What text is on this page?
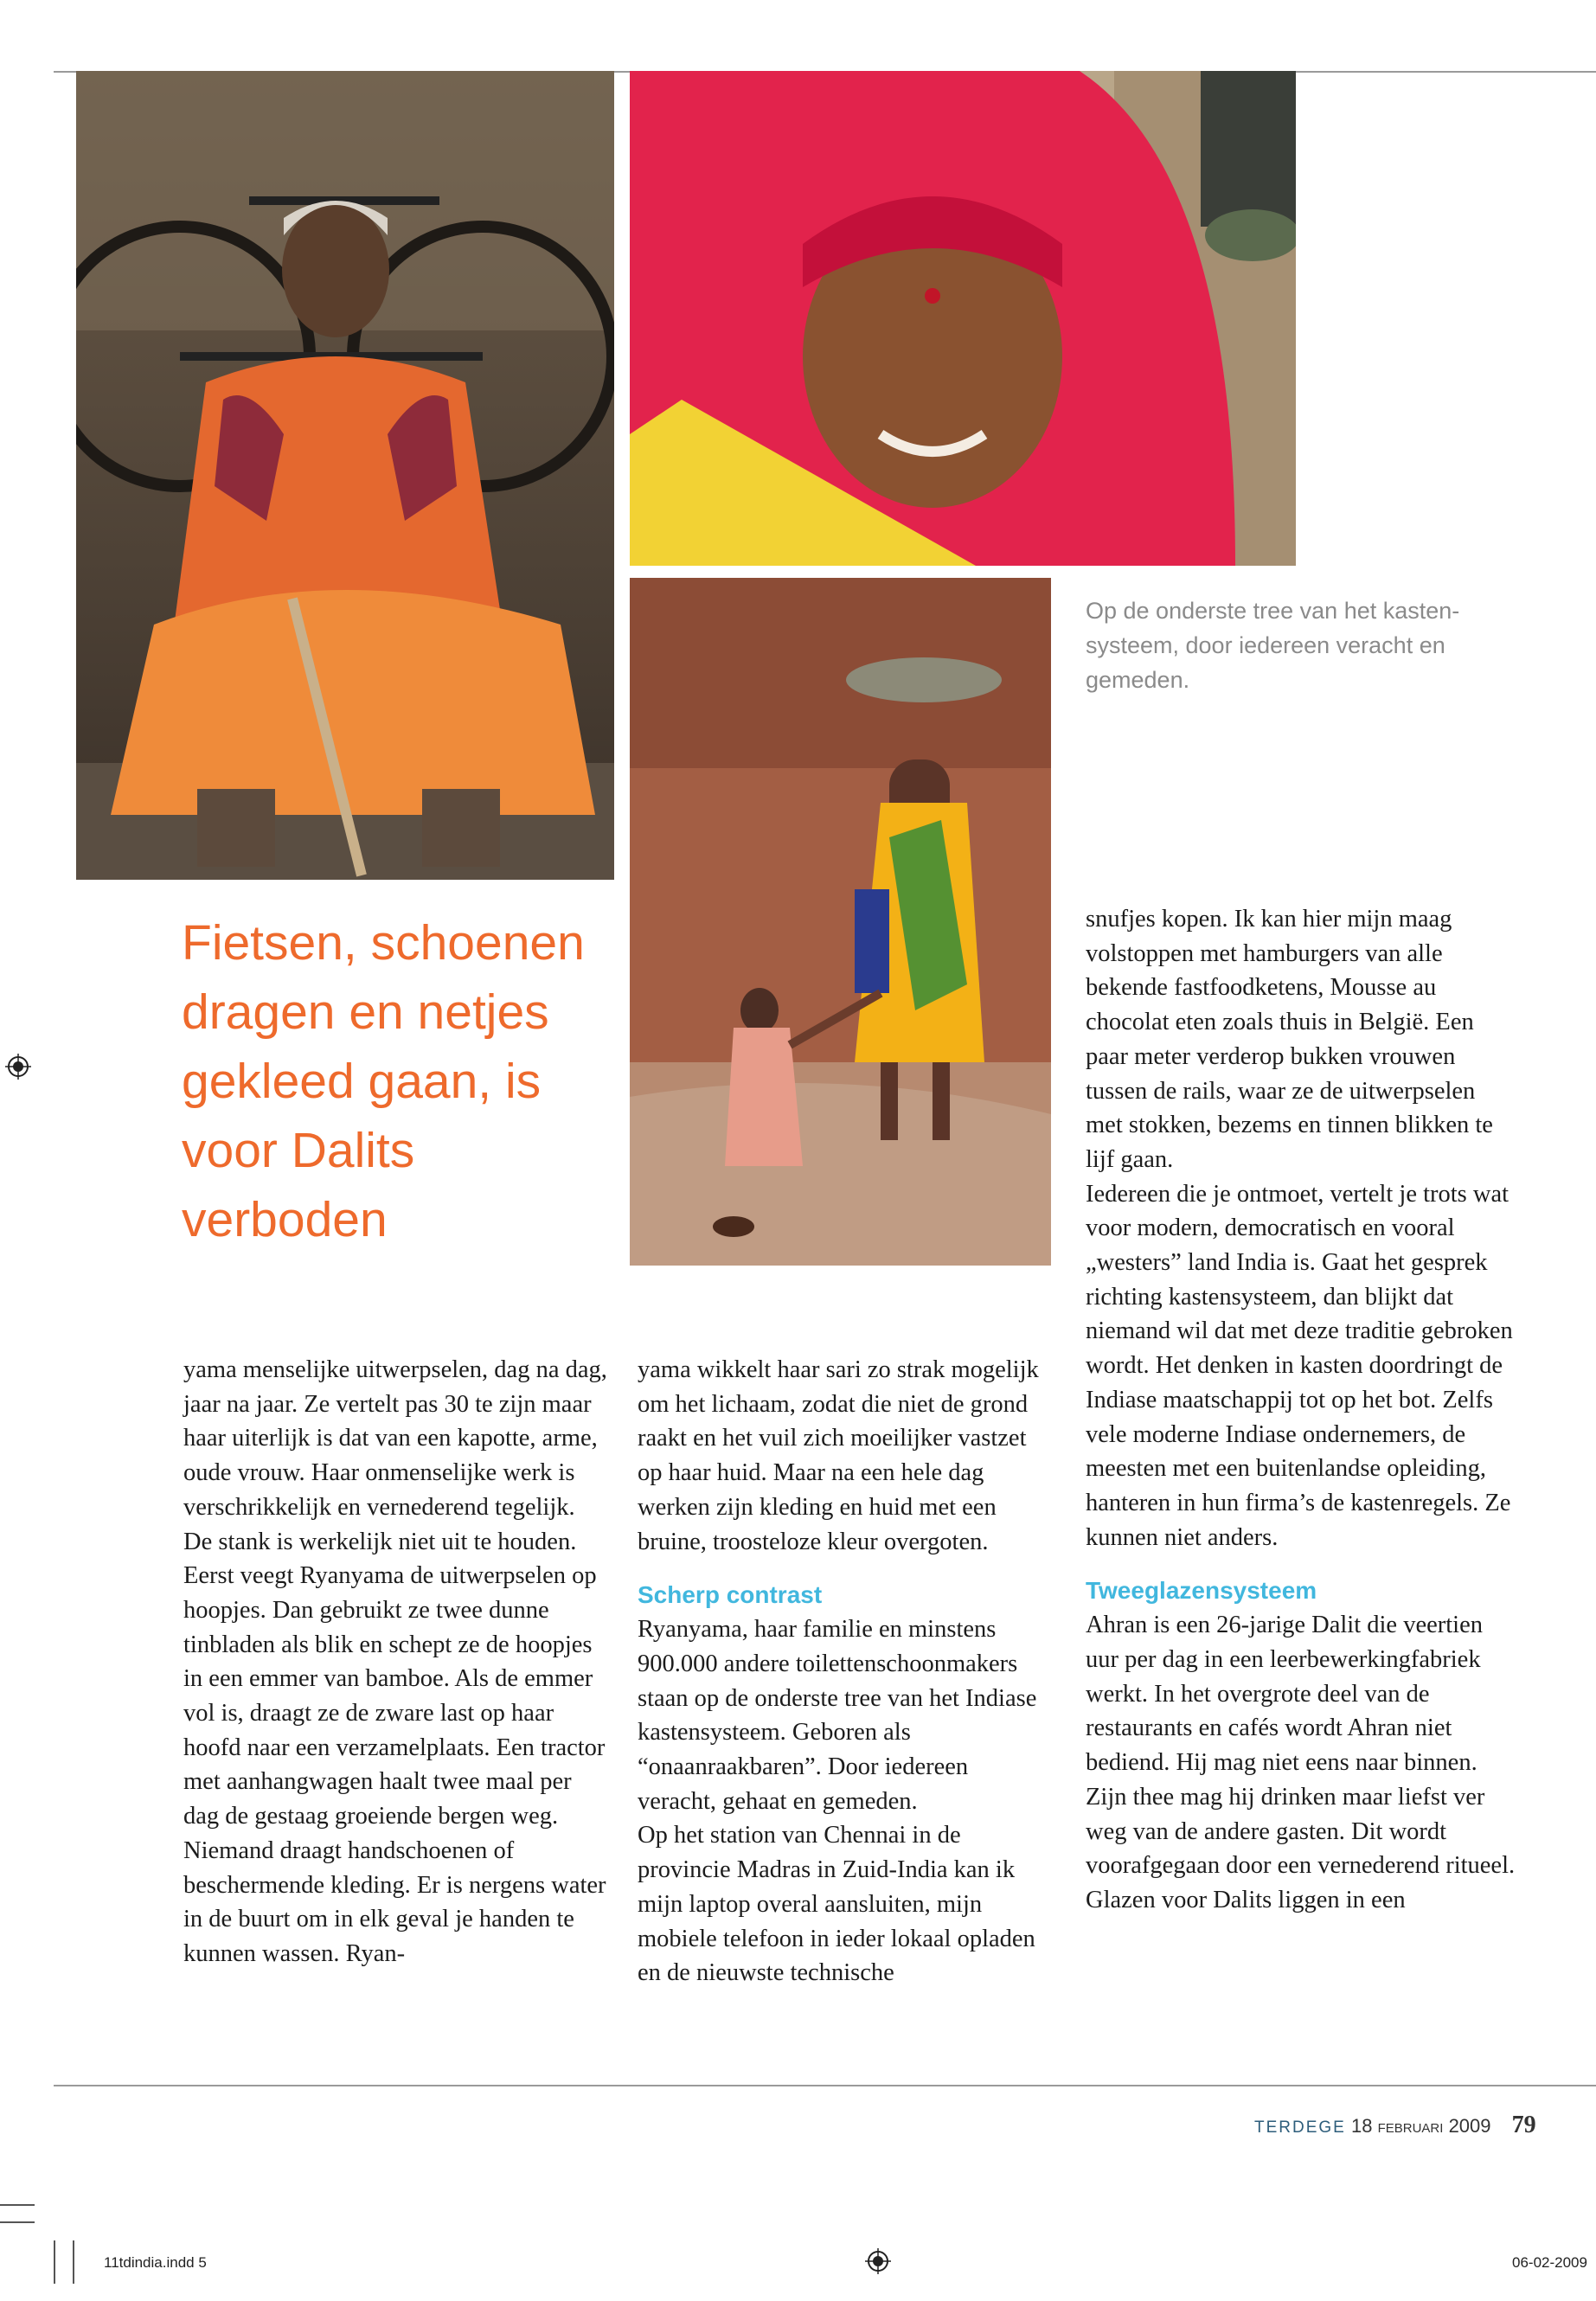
Op de onderste tree van het kasten-
systeem, door iedereen veracht en
gemeden.
Fietsen, schoenen
dragen en netjes
gekleed gaan, is
voor Dalits
verboden

yama menselijke uitwerpselen, dag na dag, jaar na jaar. Ze vertelt pas 30 te zijn maar haar uiterlijk is dat van een kapotte, arme, oude vrouw. Haar onmenselijke werk is verschrikkelijk en vernederend tegelijk. De stank is werkelijk niet uit te houden.

Eerst veegt Ryanyama de uitwerpselen op hoopjes. Dan gebruikt ze twee dunne tinbladen als blik en schept ze de hoopjes in een emmer van bamboe. Als de emmer vol is, draagt ze de zware last op haar hoofd naar een verzamelplaats. Een tractor met aanhangwagen haalt twee maal per dag de gestaag groeiende bergen weg. Niemand draagt handschoenen of beschermende kleding. Er is nergens water in de buurt om in elk geval je handen te kunnen wassen. Ryan-

yama wikkelt haar sari zo strak mogelijk om het lichaam, zodat die niet de grond raakt en het vuil zich moeilijker vastzet op haar huid. Maar na een hele dag werken zijn kleding en huid met een bruine, troosteloze kleur overgoten.

Scherp contrast

Ryanyama, haar familie en minstens 900.000 andere toilettenschoonmakers staan op de onderste tree van het Indiase kastensysteem. Geboren als “onaanraakbaren”. Door iedereen veracht, gehaat en gemeden.

Op het station van Chennai in de provincie Madras in Zuid-India kan ik mijn laptop overal aansluiten, mijn mobiele telefoon in ieder lokaal opladen en de nieuwste technische

snufjes kopen. Ik kan hier mijn maag volstoppen met hamburgers van alle bekende fastfoodketens, Mousse au chocolat eten zoals thuis in België. Een paar meter verderop bukken vrouwen tussen de rails, waar ze de uitwerpselen met stokken, bezems en tinnen blikken te lijf gaan.

Iedereen die je ontmoet, vertelt je trots wat voor modern, democratisch en vooral „westers” land India is. Gaat het gesprek richting kastensysteem, dan blijkt dat niemand wil dat met deze traditie gebroken wordt. Het denken in kasten doordringt de Indiase maatschappij tot op het bot. Zelfs vele moderne Indiase ondernemers, de meesten met een buitenlandse opleiding, hanteren in hun firma’s de kastenregels. Ze kunnen niet anders.

Tweeglazensysteem

Ahran is een 26-jarige Dalit die veertien uur per dag in een leerbewerkingfabriek werkt. In het overgrote deel van de restaurants en cafés wordt Ahran niet bediend. Hij mag niet eens naar binnen. Zijn thee mag hij drinken maar liefst ver weg van de andere gasten. Dit wordt voorafgegaan door een vernederend ritueel. Glazen voor Dalits liggen in een

TERDEGE 18 februari 2009 79
11tdindia.indd 5	06-02-2009
